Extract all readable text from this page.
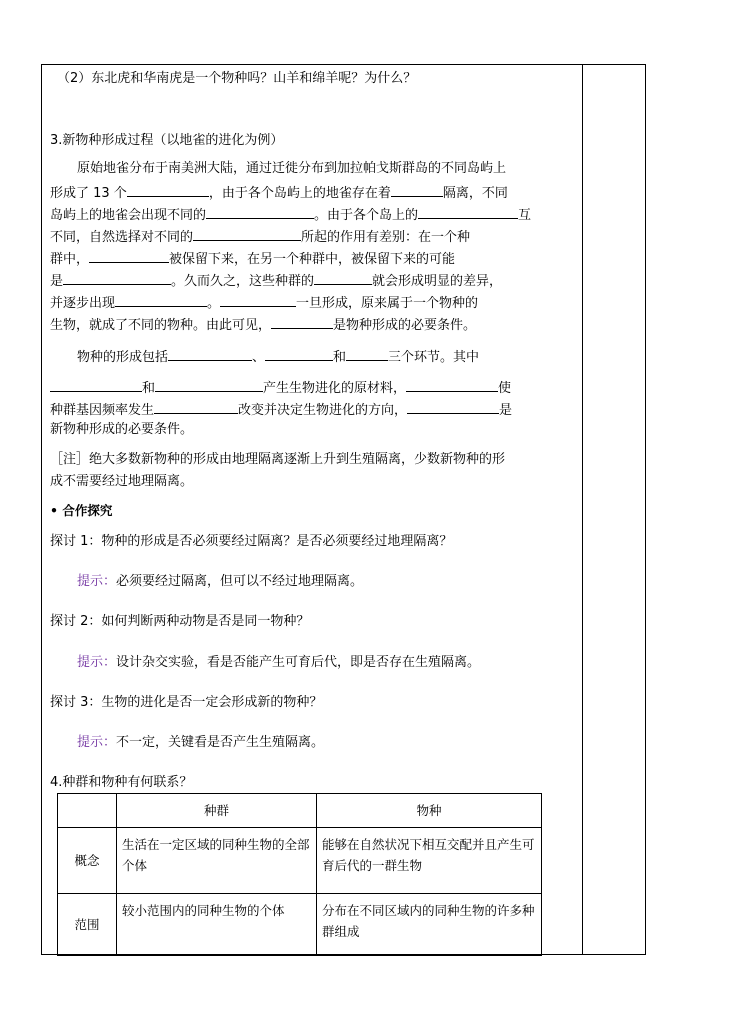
（2）东北虎和华南虎是一个物种吗？山羊和绵羊呢？为什么？
3.新物种形成过程（以地雀的进化为例）
原始地雀分布于南美洲大陆，通过迁徙分布到加拉帕戈斯群岛的不同岛屿上
形成了 13 个	，由于各个岛屿上的地雀存在着	隔离，不同
岛屿上的地雀会出现不同的	。由于各个岛上的	互
不同，自然选择对不同的	所起的作用有差别：在一个种
群中，	被保留下来，在另一个种群中，被保留下来的可能
是	。久而久之，这些种群的	就会形成明显的差异，
并逐步出现	。	一旦形成，原来属于一个物种的
生物，就成了不同的物种。由此可见，	是物种形成的必要条件。
物种的形成包括	、	和	三个环节。其中
和	产生生物进化的原材料，	使
种群基因频率发生	改变并决定生物进化的方向，	是
新物种形成的必要条件。
［注］绝大多数新物种的形成由地理隔离逐渐上升到生殖隔离，少数新物种的形
成不需要经过地理隔离。
• 合作探究
探讨 1：物种的形成是否必须要经过隔离？是否必须要经过地理隔离？
提示：必须要经过隔离，但可以不经过地理隔离。
探讨 2：如何判断两种动物是否是同一物种？
提示：设计杂交实验，看是否能产生可育后代，即是否存在生殖隔离。
探讨 3：生物的进化是否一定会形成新的物种？
提示：不一定，关键看是否产生生殖隔离。
4.种群和物种有何联系？
	种群	物种
概念	生活在一定区域的同种生物的全部个体	能够在自然状况下相互交配并且产生可育后代的一群生物
范围	较小范围内的同种生物的个体	分布在不同区域内的同种生物的许多种群组成
